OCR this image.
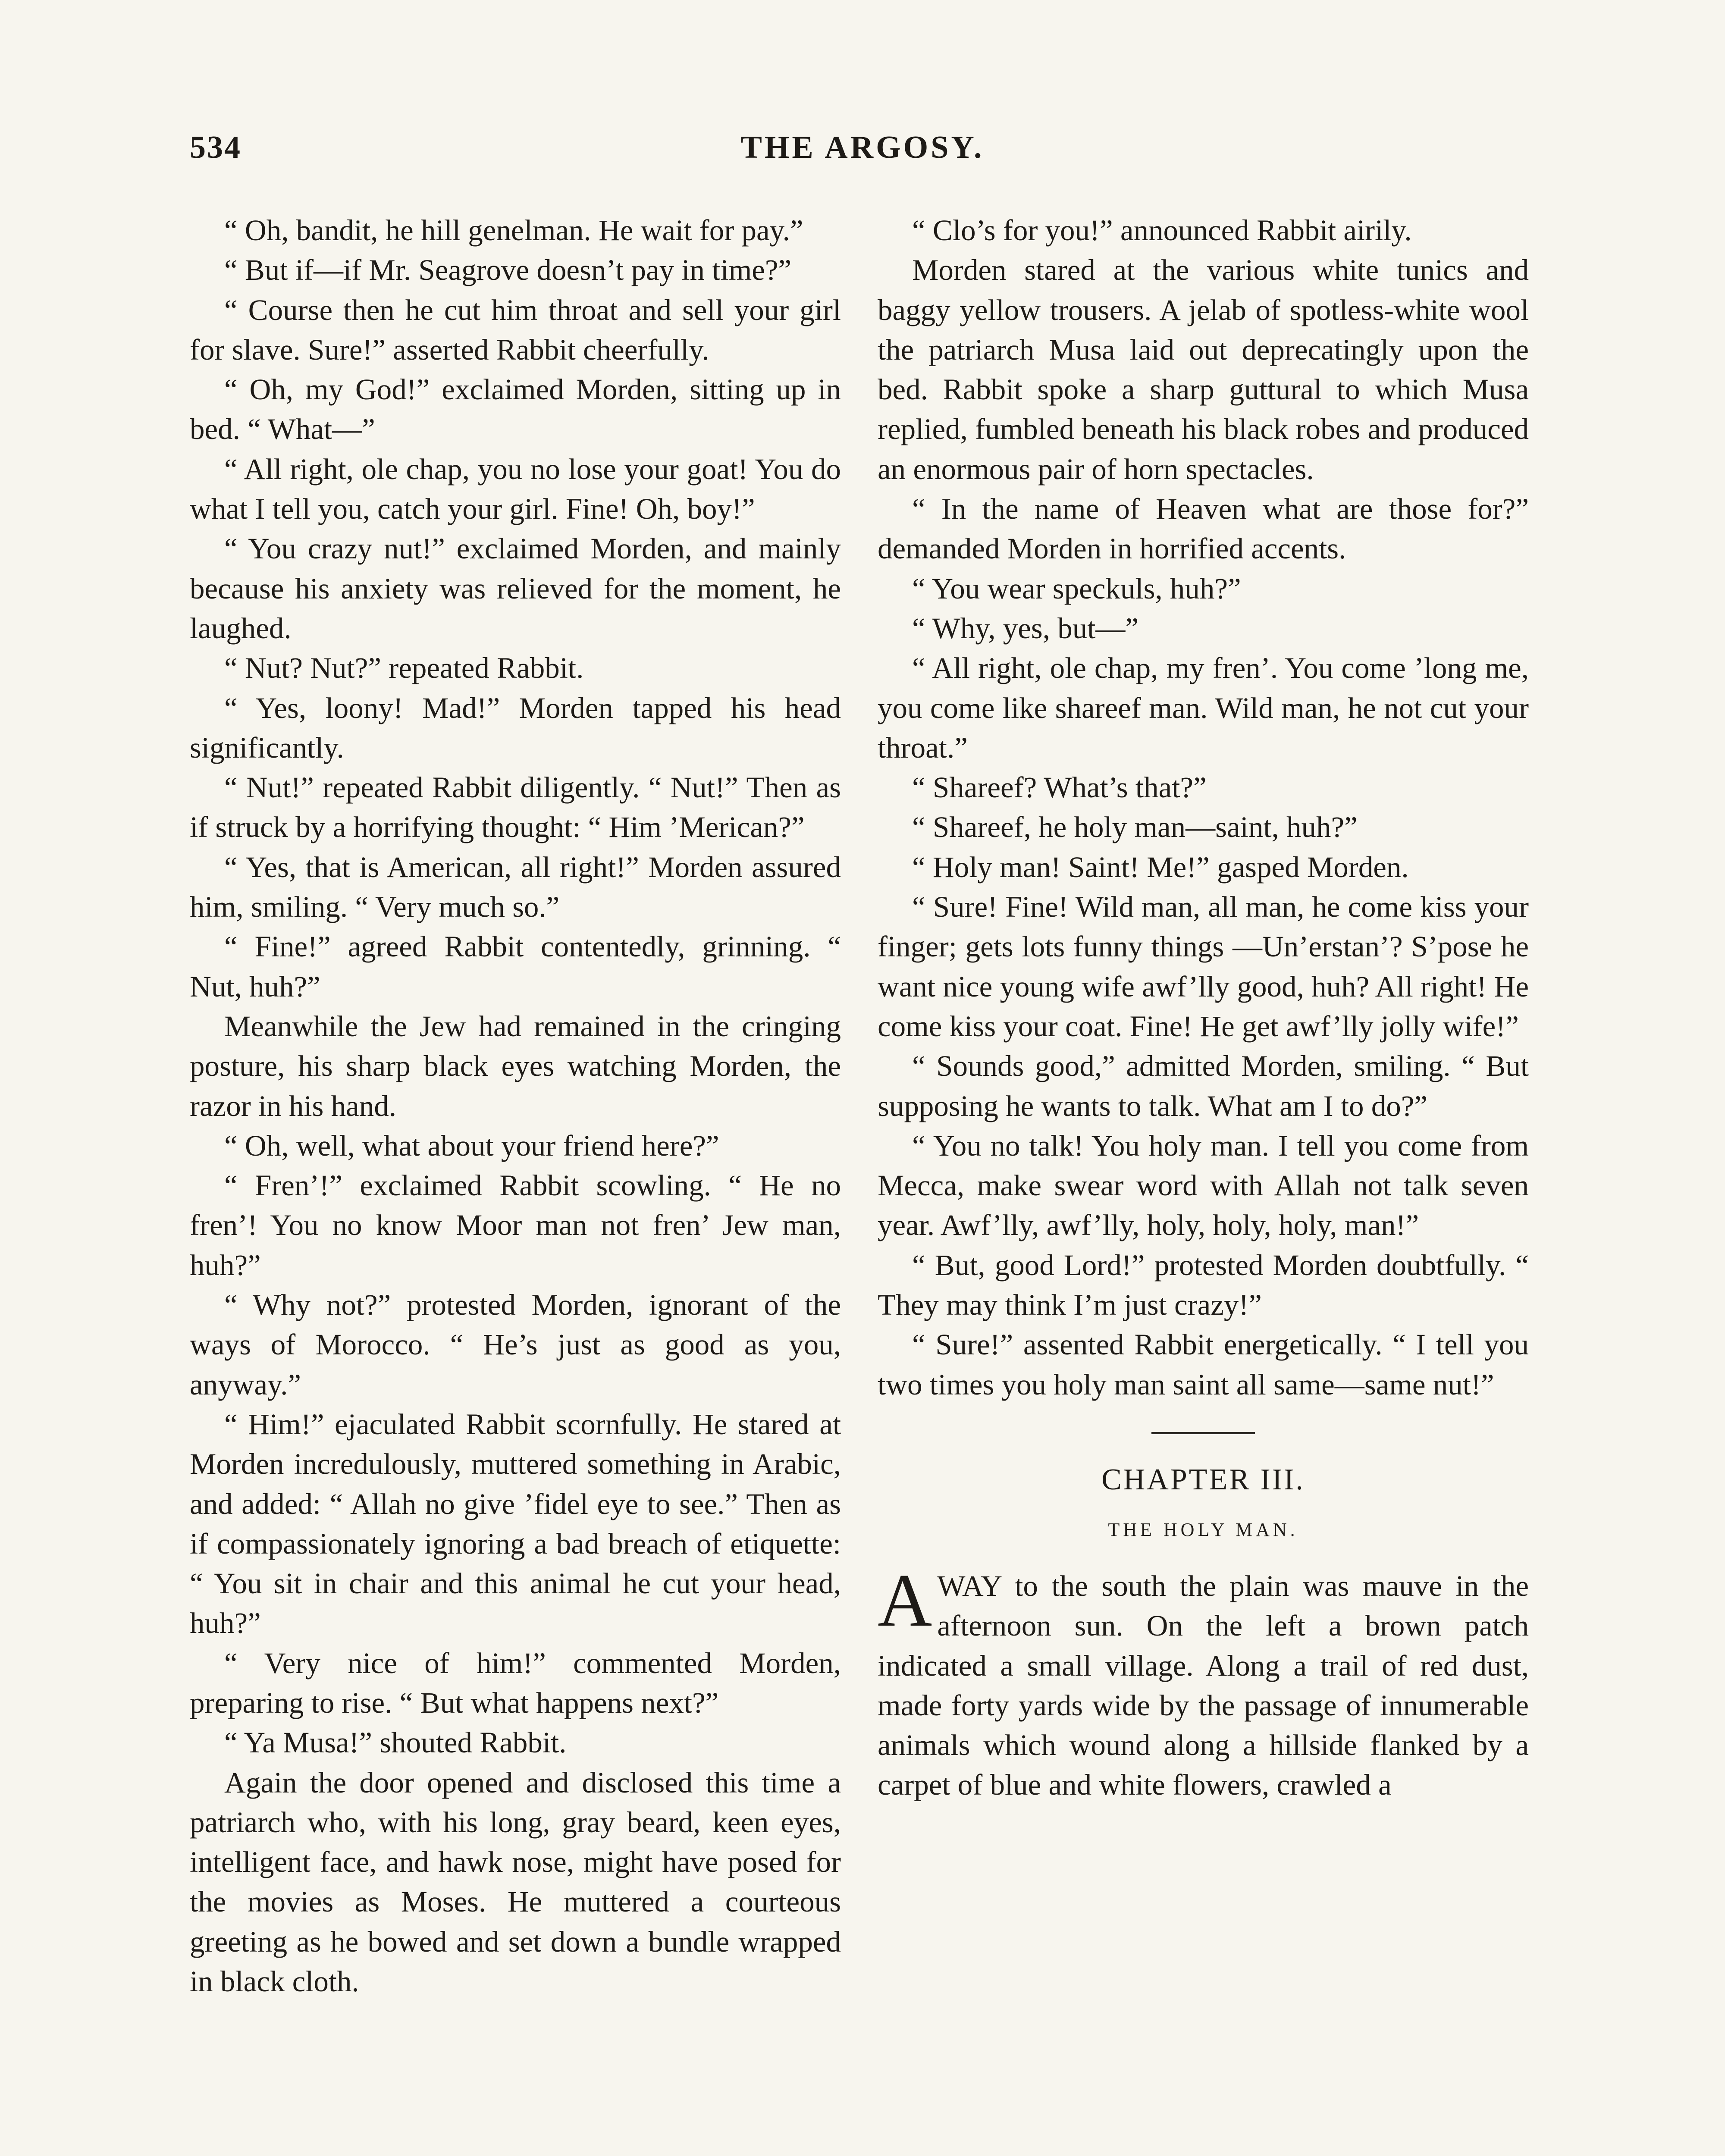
534	THE ARGOSY.

“ Oh, bandit, he hill genelman. He wait for pay.”

“ But if—if Mr. Seagrove doesn’t pay in time?”

“ Course then he cut him throat and sell your girl for slave. Sure!” asserted Rabbit cheerfully.

“ Oh, my God!” exclaimed Morden, sitting up in bed. “ What—”

“ All right, ole chap, you no lose your goat! You do what I tell you, catch your girl. Fine! Oh, boy!”

“ You crazy nut!” exclaimed Morden, and mainly because his anxiety was relieved for the moment, he laughed.

“ Nut? Nut?” repeated Rabbit.

“ Yes, loony! Mad!” Morden tapped his head significantly.

“ Nut!” repeated Rabbit diligently. “ Nut!” Then as if struck by a horrifying thought: “ Him ’Merican?”

“ Yes, that is American, all right!” Morden assured him, smiling. “ Very much so.”

“ Fine!” agreed Rabbit contentedly, grinning. “ Nut, huh?”

Meanwhile the Jew had remained in the cringing posture, his sharp black eyes watching Morden, the razor in his hand.

“ Oh, well, what about your friend here?”

“ Fren’!” exclaimed Rabbit scowling. “ He no fren’! You no know Moor man not fren’ Jew man, huh?”

“ Why not?” protested Morden, ignorant of the ways of Morocco. “ He’s just as good as you, anyway.”

“ Him!” ejaculated Rabbit scornfully. He stared at Morden incredulously, muttered something in Arabic, and added: “ Allah no give ’fidel eye to see.” Then as if compassionately ignoring a bad breach of etiquette: “ You sit in chair and this animal he cut your head, huh?”

“ Very nice of him!” commented Morden, preparing to rise. “ But what happens next?”

“ Ya Musa!” shouted Rabbit.

Again the door opened and disclosed this time a patriarch who, with his long, gray beard, keen eyes, intelligent face, and hawk nose, might have posed for the movies as Moses. He muttered a courteous greeting as he bowed and set down a bundle wrapped in black cloth.

“ Clo’s for you!” announced Rabbit airily.

Morden stared at the various white tunics and baggy yellow trousers. A jelab of spotless-white wool the patriarch Musa laid out deprecatingly upon the bed. Rabbit spoke a sharp guttural to which Musa replied, fumbled beneath his black robes and produced an enormous pair of horn spectacles.

“ In the name of Heaven what are those for?” demanded Morden in horrified accents.

“ You wear speckuls, huh?”

“ Why, yes, but—”

“ All right, ole chap, my fren’. You come ’long me, you come like shareef man. Wild man, he not cut your throat.”

“ Shareef? What’s that?”

“ Shareef, he holy man—saint, huh?”

“ Holy man! Saint! Me!” gasped Morden.

“ Sure! Fine! Wild man, all man, he come kiss your finger; gets lots funny things —Un’erstan’? S’pose he want nice young wife awf’lly good, huh? All right! He come kiss your coat. Fine! He get awf’lly jolly wife!”

“ Sounds good,” admitted Morden, smiling. “ But supposing he wants to talk. What am I to do?”

“ You no talk! You holy man. I tell you come from Mecca, make swear word with Allah not talk seven year. Awf’lly, awf’lly, holy, holy, holy, man!”

“ But, good Lord!” protested Morden doubtfully. “ They may think I’m just crazy!”

“ Sure!” assented Rabbit energetically. “ I tell you two times you holy man saint all same—same nut!”

CHAPTER III.
THE HOLY MAN.

AWAY to the south the plain was mauve in the afternoon sun. On the left a brown patch indicated a small village. Along a trail of red dust, made forty yards wide by the passage of innumerable animals which wound along a hillside flanked by a carpet of blue and white flowers, crawled a
